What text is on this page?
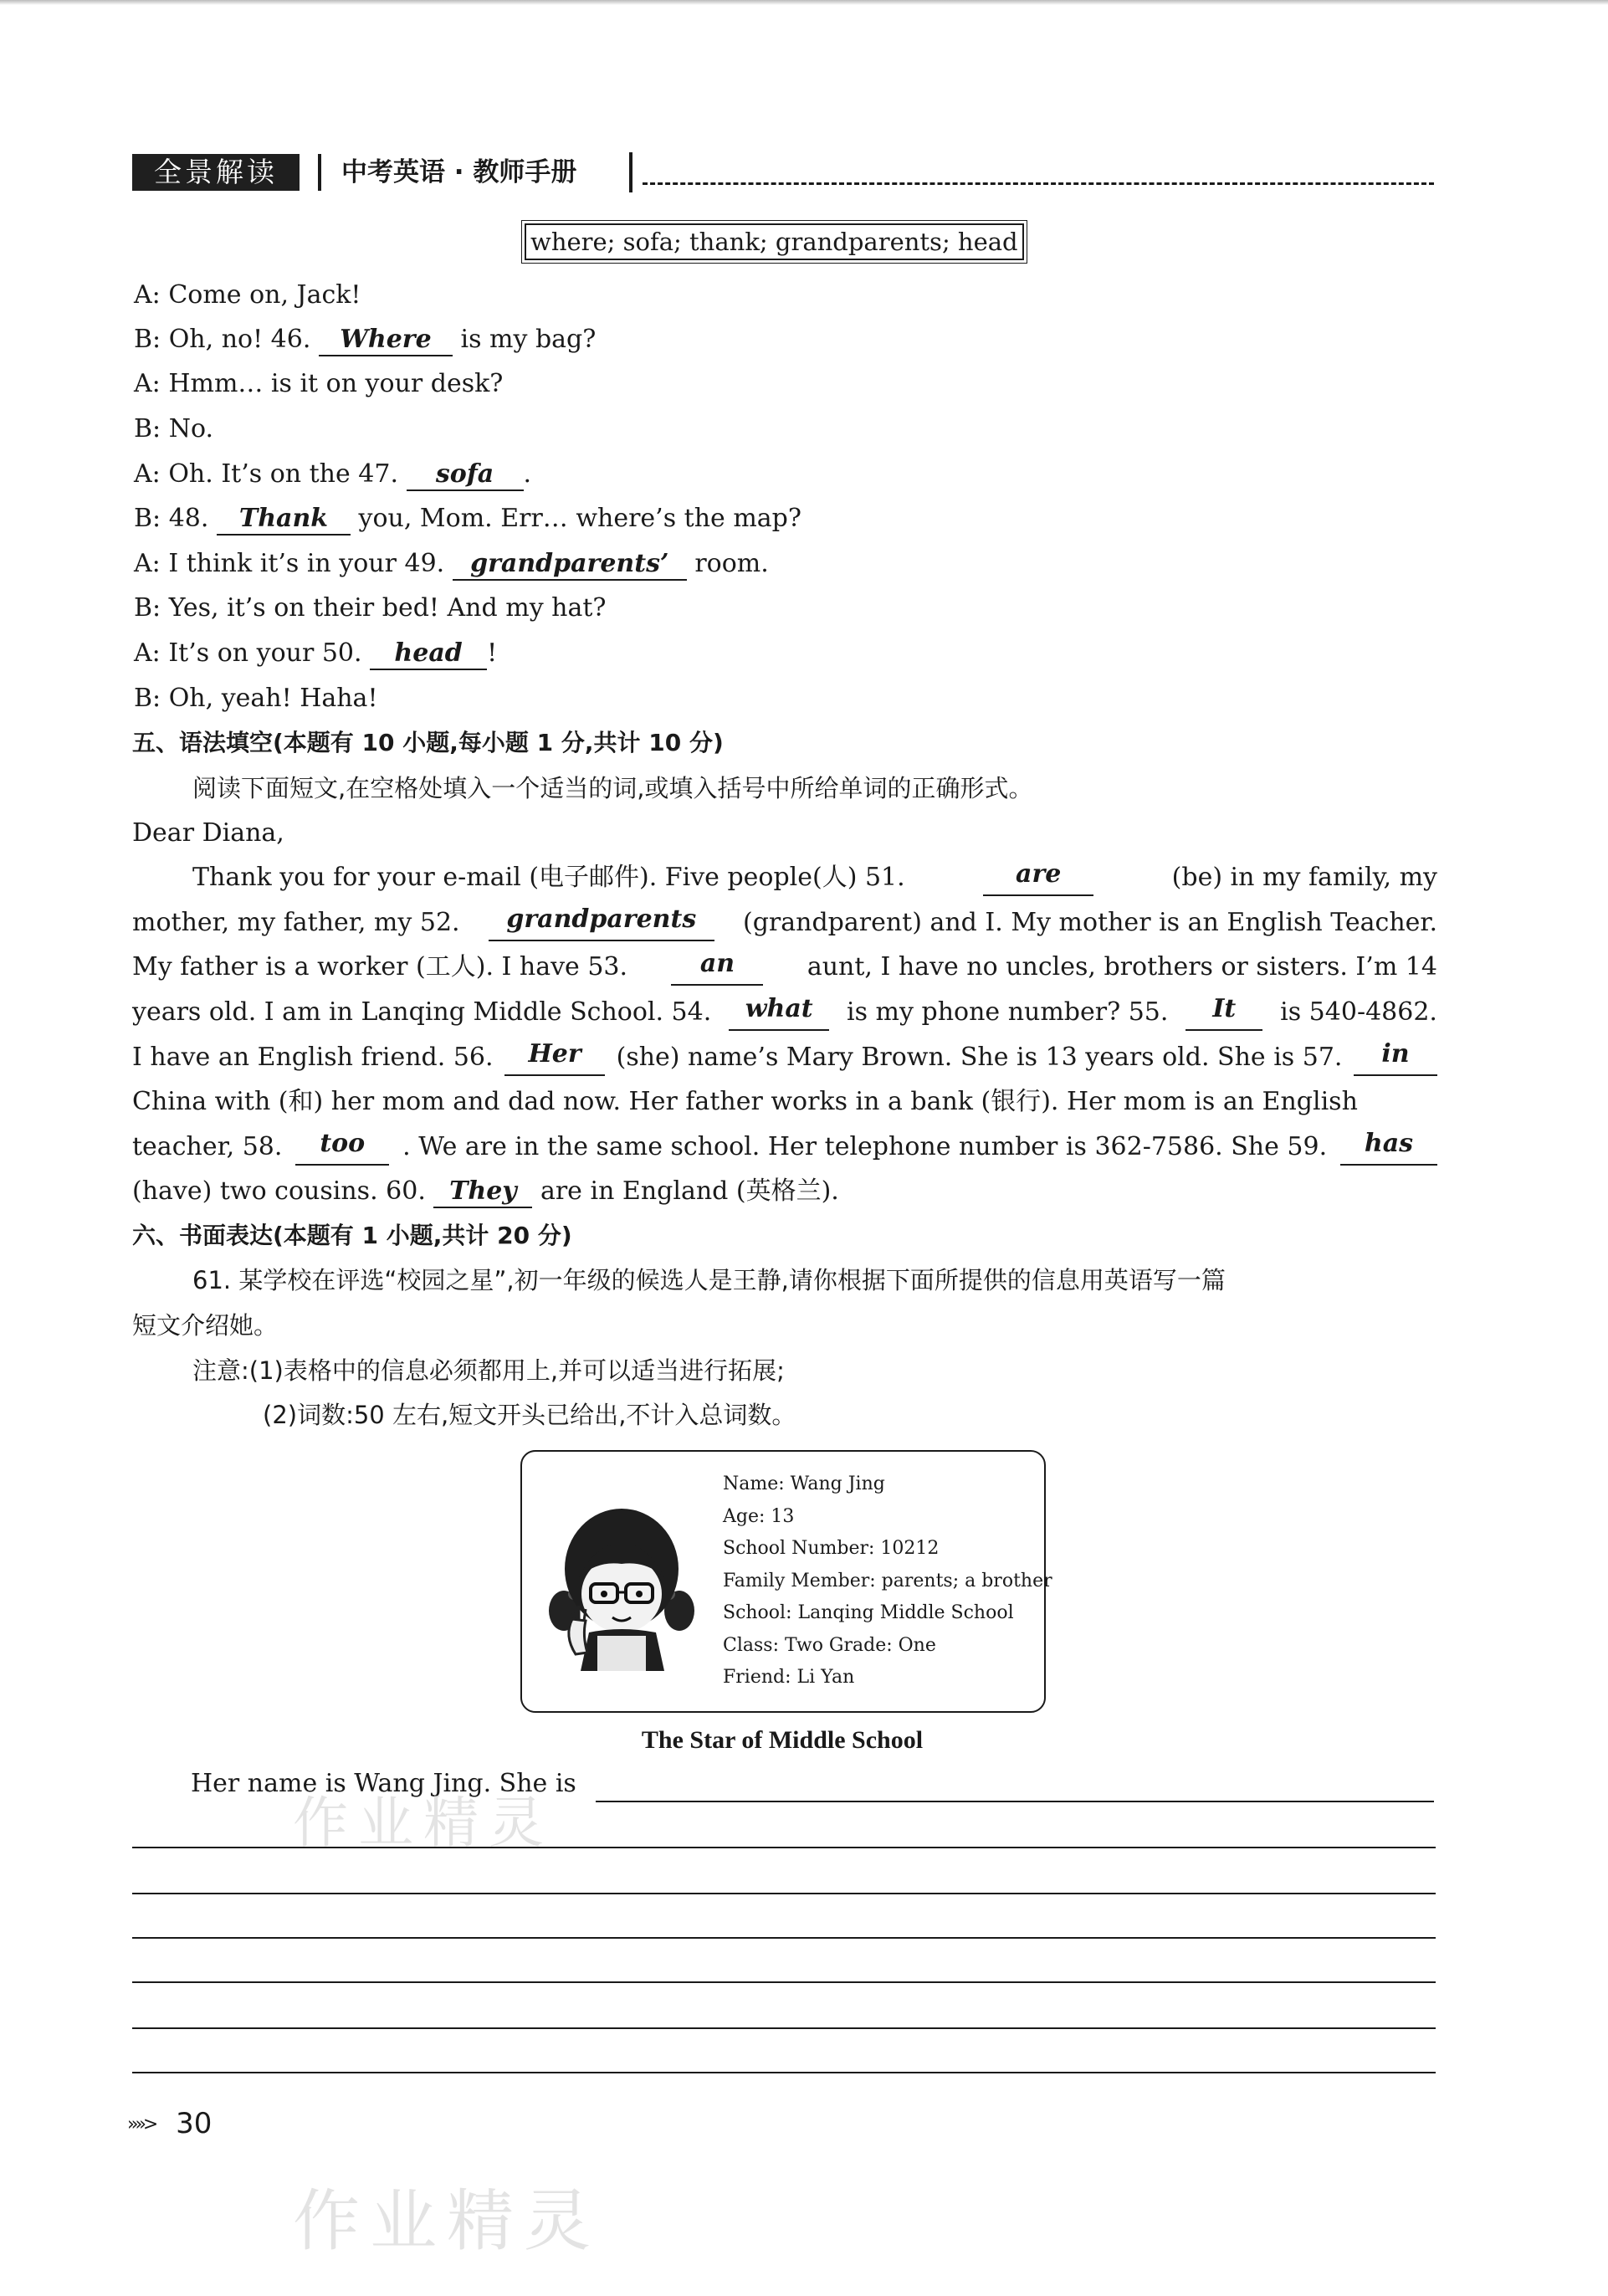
全景解读	中考英语 · 教师手册
where; sofa; thank; grandparents; head
A: Come on, Jack!
B: Oh, no! 46. Where is my bag?
A: Hmm… is it on your desk?
B: No.
A: Oh. It’s on the 47. sofa .
B: 48. Thank you, Mom. Err… where’s the map?
A: I think it’s in your 49. grandparents’ room.
B: Yes, it’s on their bed! And my hat?
A: It’s on your 50. head !
B: Oh, yeah! Haha!
五、语法填空(本题有 10 小题,每小题 1 分,共计 10 分)
阅读下面短文,在空格处填入一个适当的词,或填入括号中所给单词的正确形式。
Dear Diana,
Thank you for your e-mail (电子邮件). Five people(人) 51.	are	(be) in my family, my
mother, my father, my 52.	grandparents	(grandparent) and I. My mother is an English Teacher.
My father is a worker (工人). I have 53.	an	aunt, I have no uncles, brothers or sisters. I’m 14
years old. I am in Lanqing Middle School. 54.	what	is my phone number? 55.	It	is 540-4862.
I have an English friend. 56.	Her	(she) name’s Mary Brown. She is 13 years old. She is 57.	in
China with (和) her mom and dad now. Her father works in a bank (银行). Her mom is an English
teacher, 58.	too	. We are in the same school. Her telephone number is 362-7586. She 59.	has
(have) two cousins. 60. They are in England (英格兰).
六、书面表达(本题有 1 小题,共计 20 分)
61. 某学校在评选“校园之星”,初一年级的候选人是王静,请你根据下面所提供的信息用英语写一篇
短文介绍她。
注意:(1)表格中的信息必须都用上,并可以适当进行拓展;
(2)词数:50 左右,短文开头已给出,不计入总词数。
Name: Wang Jing
Age: 13
School Number: 10212
Family Member: parents; a brother
School: Lanqing Middle School
Class: Two Grade: One
Friend: Li Yan
The Star of Middle School
Her name is Wang Jing. She is
作业精灵
作业精灵
»»> 30
